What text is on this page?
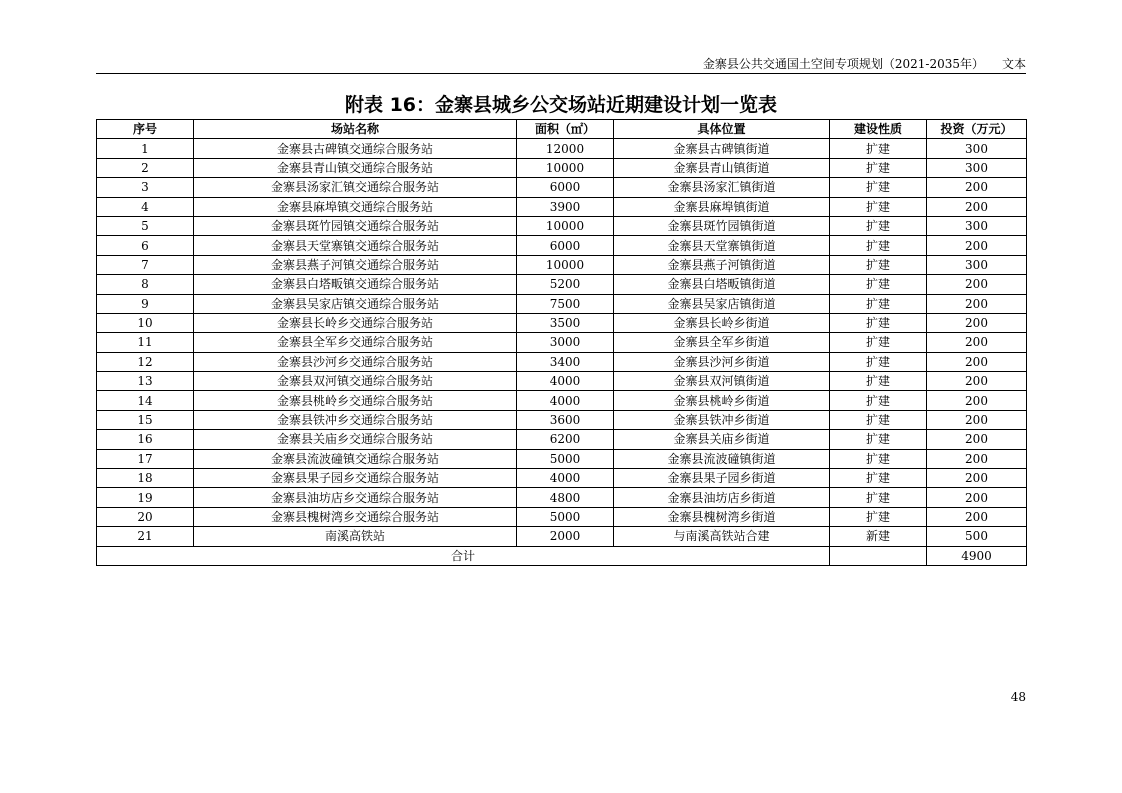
金寨县公共交通国土空间专项规划（2021-2035年） 文本
附表 16：金寨县城乡公交场站近期建设计划一览表
序号	场站名称	面积（㎡）	具体位置	建设性质	投资（万元）
1	金寨县古碑镇交通综合服务站	12000	金寨县古碑镇街道	扩建	300
2	金寨县青山镇交通综合服务站	10000	金寨县青山镇街道	扩建	300
3	金寨县汤家汇镇交通综合服务站	6000	金寨县汤家汇镇街道	扩建	200
4	金寨县麻埠镇交通综合服务站	3900	金寨县麻埠镇街道	扩建	200
5	金寨县斑竹园镇交通综合服务站	10000	金寨县斑竹园镇街道	扩建	300
6	金寨县天堂寨镇交通综合服务站	6000	金寨县天堂寨镇街道	扩建	200
7	金寨县燕子河镇交通综合服务站	10000	金寨县燕子河镇街道	扩建	300
8	金寨县白塔畈镇交通综合服务站	5200	金寨县白塔畈镇街道	扩建	200
9	金寨县吴家店镇交通综合服务站	7500	金寨县吴家店镇街道	扩建	200
10	金寨县长岭乡交通综合服务站	3500	金寨县长岭乡街道	扩建	200
11	金寨县全军乡交通综合服务站	3000	金寨县全军乡街道	扩建	200
12	金寨县沙河乡交通综合服务站	3400	金寨县沙河乡街道	扩建	200
13	金寨县双河镇交通综合服务站	4000	金寨县双河镇街道	扩建	200
14	金寨县桃岭乡交通综合服务站	4000	金寨县桃岭乡街道	扩建	200
15	金寨县铁冲乡交通综合服务站	3600	金寨县铁冲乡街道	扩建	200
16	金寨县关庙乡交通综合服务站	6200	金寨县关庙乡街道	扩建	200
17	金寨县流波䃥镇交通综合服务站	5000	金寨县流波䃥镇街道	扩建	200
18	金寨县果子园乡交通综合服务站	4000	金寨县果子园乡街道	扩建	200
19	金寨县油坊店乡交通综合服务站	4800	金寨县油坊店乡街道	扩建	200
20	金寨县槐树湾乡交通综合服务站	5000	金寨县槐树湾乡街道	扩建	200
21	南溪高铁站	2000	与南溪高铁站合建	新建	500
合计					4900
48
